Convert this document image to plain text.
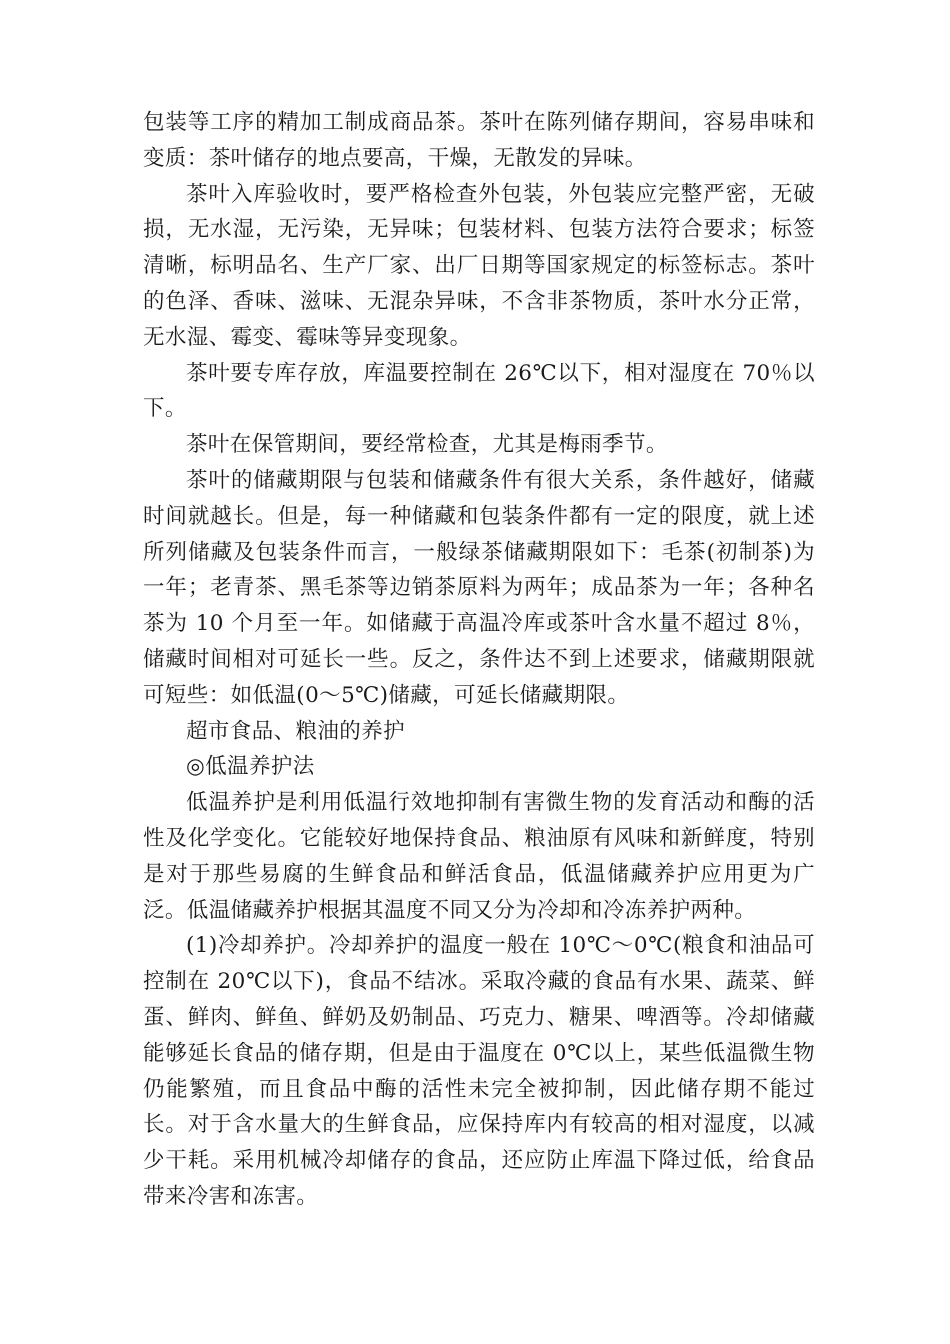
包装等工序的精加工制成商品茶。茶叶在陈列储存期间，容易串味和变质：茶叶储存的地点要高，干燥，无散发的异味。

茶叶入库验收时，要严格检查外包装，外包装应完整严密，无破损，无水湿，无污染，无异味；包装材料、包装方法符合要求；标签清晰，标明品名、生产厂家、出厂日期等国家规定的标签标志。茶叶的色泽、香味、滋味、无混杂异味，不含非茶物质，茶叶水分正常，无水湿、霉变、霉味等异变现象。

茶叶要专库存放，库温要控制在 26℃以下，相对湿度在 70％以下。

茶叶在保管期间，要经常检查，尤其是梅雨季节。

茶叶的储藏期限与包装和储藏条件有很大关系，条件越好，储藏时间就越长。但是，每一种储藏和包装条件都有一定的限度，就上述所列储藏及包装条件而言，一般绿茶储藏期限如下：毛茶(初制茶)为一年；老青茶、黑毛茶等边销茶原料为两年；成品茶为一年；各种名茶为 10 个月至一年。如储藏于高温冷库或茶叶含水量不超过 8％，储藏时间相对可延长一些。反之，条件达不到上述要求，储藏期限就可短些：如低温(0～5℃)储藏，可延长储藏期限。

超市食品、粮油的养护

◎低温养护法

低温养护是利用低温行效地抑制有害微生物的发育活动和酶的活性及化学变化。它能较好地保持食品、粮油原有风味和新鲜度，特别是对于那些易腐的生鲜食品和鲜活食品，低温储藏养护应用更为广泛。低温储藏养护根据其温度不同又分为冷却和冷冻养护两种。

(1)冷却养护。冷却养护的温度一般在 10℃～0℃(粮食和油品可控制在 20℃以下)，食品不结冰。采取冷藏的食品有水果、蔬菜、鲜蛋、鲜肉、鲜鱼、鲜奶及奶制品、巧克力、糖果、啤酒等。冷却储藏能够延长食品的储存期，但是由于温度在 0℃以上，某些低温微生物仍能繁殖，而且食品中酶的活性未完全被抑制，因此储存期不能过长。对于含水量大的生鲜食品，应保持库内有较高的相对湿度，以减少干耗。采用机械冷却储存的食品，还应防止库温下降过低，给食品带来冷害和冻害。
